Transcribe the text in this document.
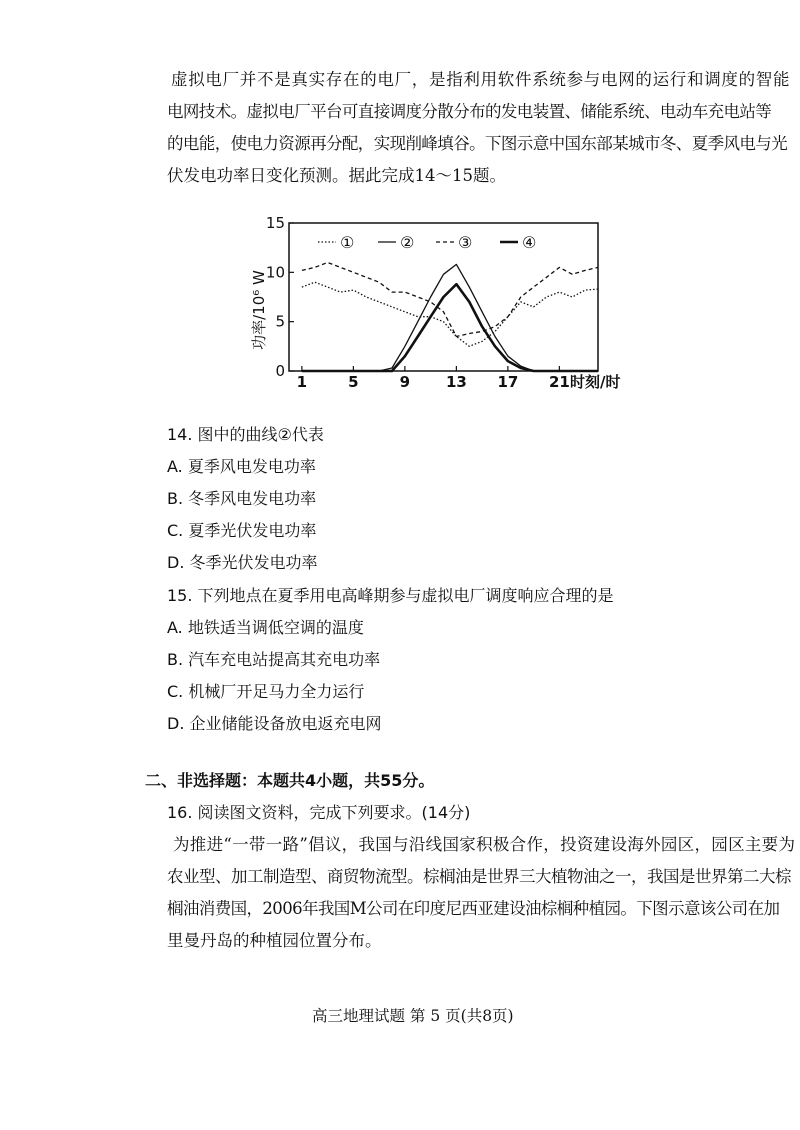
虚拟电厂并不是真实存在的电厂，是指利用软件系统参与电网的运行和调度的智能
电网技术。虚拟电厂平台可直接调度分散分布的发电装置、储能系统、电动车充电站等
的电能，使电力资源再分配，实现削峰填谷。下图示意中国东部某城市冬、夏季风电与光
伏发电功率日变化预测。据此完成14～15题。
功率/10⁶ W
时刻/时
0
5
10
15
1	5	9 13 17 21
①	②	③	④
14. 图中的曲线②代表
A. 夏季风电发电功率
B. 冬季风电发电功率
C. 夏季光伏发电功率
D. 冬季光伏发电功率
15. 下列地点在夏季用电高峰期参与虚拟电厂调度响应合理的是
A. 地铁适当调低空调的温度
B. 汽车充电站提高其充电功率
C. 机械厂开足马力全力运行
D. 企业储能设备放电返充电网
二、非选择题：本题共4小题，共55分。
16. 阅读图文资料，完成下列要求。(14分)
为推进“一带一路”倡议，我国与沿线国家积极合作，投资建设海外园区，园区主要为
农业型、加工制造型、商贸物流型。棕榈油是世界三大植物油之一，我国是世界第二大棕
榈油消费国，2006年我国M公司在印度尼西亚建设油棕榈种植园。下图示意该公司在加
里曼丹岛的种植园位置分布。
高三地理试题 第 5 页(共8页)
